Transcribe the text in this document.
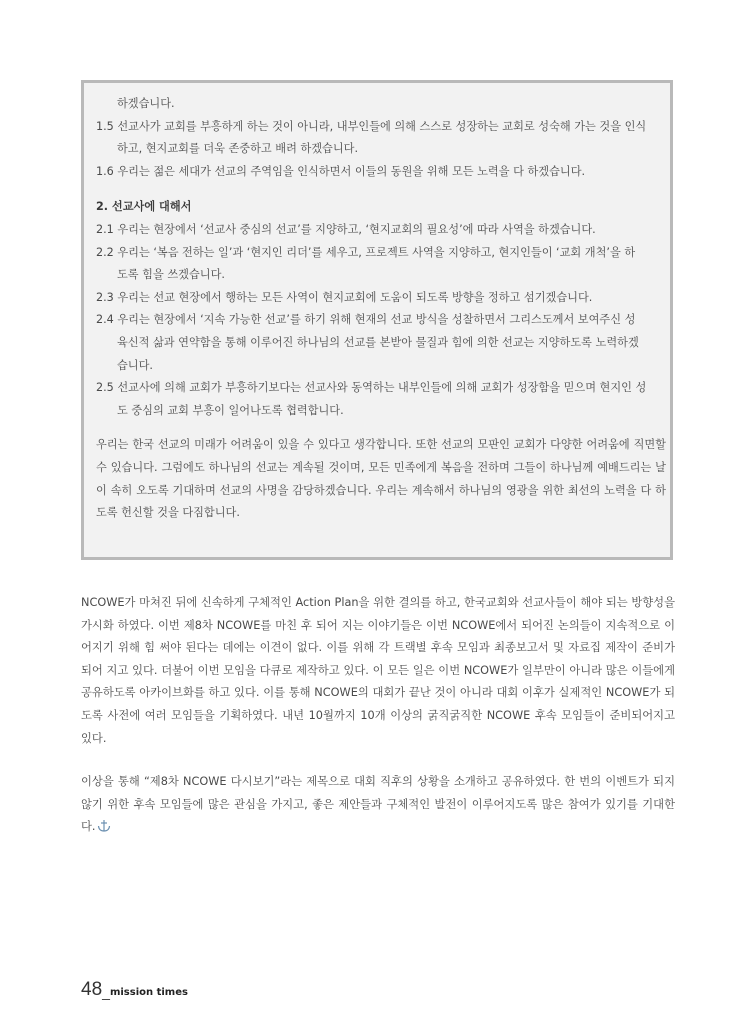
하겠습니다.

1.5 선교사가 교회를 부흥하게 하는 것이 아니라, 내부인들에 의해 스스로 성장하는 교회로 성숙해 가는 것을 인식
하고, 현지교회를 더욱 존중하고 배려 하겠습니다.

1.6 우리는 젊은 세대가 선교의 주역임을 인식하면서 이들의 동원을 위해 모든 노력을 다 하겠습니다.

2. 선교사에 대해서

2.1 우리는 현장에서 ‘선교사 중심의 선교’를 지양하고, ‘현지교회의 필요성’에 따라 사역을 하겠습니다.

2.2 우리는 ‘복음 전하는 일’과 ‘현지인 리더’를 세우고, 프로젝트 사역을 지양하고, 현지인들이 ‘교회 개척’을 하
도록 힘을 쓰겠습니다.

2.3 우리는 선교 현장에서 행하는 모든 사역이 현지교회에 도움이 되도록 방향을 정하고 섬기겠습니다.

2.4 우리는 현장에서 ‘지속 가능한 선교’를 하기 위해 현재의 선교 방식을 성찰하면서 그리스도께서 보여주신 성
육신적 삶과 연약함을 통해 이루어진 하나님의 선교를 본받아 물질과 힘에 의한 선교는 지양하도록 노력하겠
습니다.

2.5 선교사에 의해 교회가 부흥하기보다는 선교사와 동역하는 내부인들에 의해 교회가 성장함을 믿으며 현지인 성
도 중심의 교회 부흥이 일어나도록 협력합니다.

우리는 한국 선교의 미래가 어려움이 있을 수 있다고 생각합니다. 또한 선교의 모판인 교회가 다양한 어려움에 직면할 수 있습니다. 그럼에도 하나님의 선교는 계속될 것이며, 모든 민족에게 복음을 전하며 그들이 하나님께 예배드리는 날이 속히 오도록 기대하며 선교의 사명을 감당하겠습니다. 우리는 계속해서 하나님의 영광을 위한 최선의 노력을 다 하도록 헌신할 것을 다짐합니다.

NCOWE가 마쳐진 뒤에 신속하게 구체적인 Action Plan을 위한 결의를 하고, 한국교회와 선교사들이 해야 되는 방향성을 가시화 하였다. 이번 제8차 NCOWE를 마친 후 되어 지는 이야기들은 이번 NCOWE에서 되어진 논의들이 지속적으로 이어지기 위해 힘 써야 된다는 데에는 이견이 없다. 이를 위해 각 트랙별 후속 모임과 최종보고서 및 자료집 제작이 준비가 되어 지고 있다. 더불어 이번 모임을 다큐로 제작하고 있다. 이 모든 일은 이번 NCOWE가 일부만이 아니라 많은 이들에게 공유하도록 아카이브화를 하고 있다. 이를 통해 NCOWE의 대회가 끝난 것이 아니라 대회 이후가 실제적인 NCOWE가 되도록 사전에 여러 모임들을 기획하였다. 내년 10월까지 10개 이상의 굵직굵직한 NCOWE 후속 모임들이 준비되어지고 있다.

이상을 통해 “제8차 NCOWE 다시보기”라는 제목으로 대회 직후의 상황을 소개하고 공유하였다. 한 번의 이벤트가 되지 않기 위한 후속 모임들에 많은 관심을 가지고, 좋은 제안들과 구체적인 발전이 이루어지도록 많은 참여가 있기를 기대한다.

48_mission times
